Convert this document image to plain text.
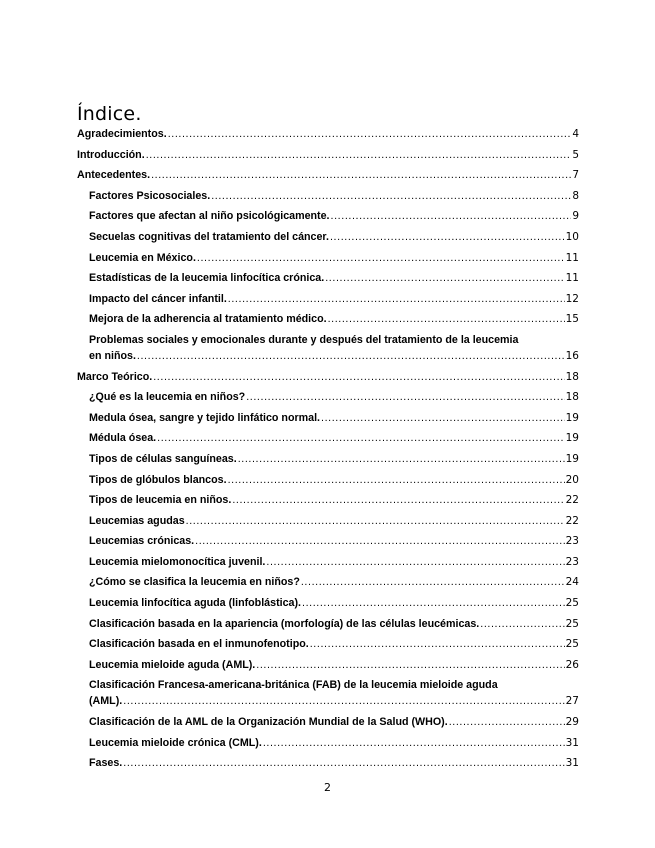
Índice.
Agradecimientos. .....	4
Introducción. .....	5
Antecedentes. .....	7
Factores Psicosociales. .....	8
Factores que afectan al niño psicológicamente. .....	9
Secuelas cognitivas del tratamiento del cáncer. .....	10
Leucemia en México. .....	11
Estadísticas de la leucemia linfocítica crónica. .....	11
Impacto del cáncer infantil. .....	12
Mejora de la adherencia al tratamiento médico. .....	15
Problemas sociales y emocionales durante y después del tratamiento de la leucemia
en niños. .....	16
Marco Teórico. .....	18
¿Qué es la leucemia en niños? .....	18
Medula ósea, sangre y tejido linfático normal. .....	19
Médula ósea. .....	19
Tipos de células sanguíneas. .....	19
Tipos de glóbulos blancos. .....	20
Tipos de leucemia en niños. .....	22
Leucemias agudas .....	22
Leucemias crónicas. .....	23
Leucemia mielomonocítica juvenil. .....	23
¿Cómo se clasifica la leucemia en niños? .....	24
Leucemia linfocítica aguda (linfoblástica). .....	25
Clasificación basada en la apariencia (morfología) de las células leucémicas. .....	25
Clasificación basada en el inmunofenotipo. .....	25
Leucemia mieloide aguda (AML). .....	26
Clasificación Francesa-americana-británica (FAB) de la leucemia mieloide aguda
(AML). .....	27
Clasificación de la AML de la Organización Mundial de la Salud (WHO). .....	29
Leucemia mieloide crónica (CML). .....	31
Fases. .....	31
2
